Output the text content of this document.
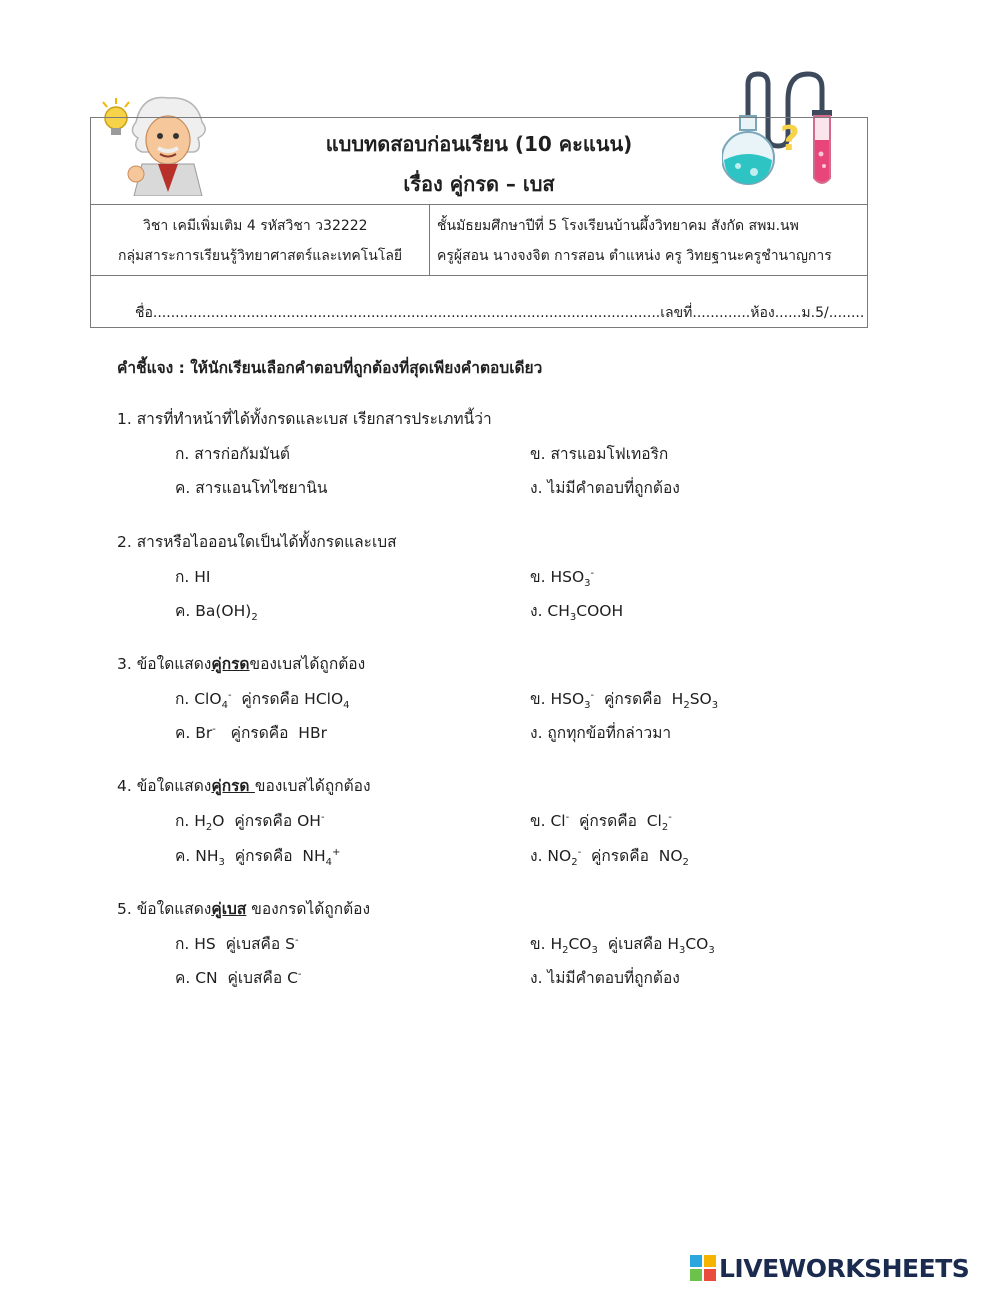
?
แบบทดสอบก่อนเรียน (10 คะแนน)
เรื่อง คู่กรด – เบส
วิชา เคมีเพิ่มเติม 4 รหัสวิชา ว32222
กลุ่มสาระการเรียนรู้วิทยาศาสตร์และเทคโนโลยี
ชั้นมัธยมศึกษาปีที่ 5 โรงเรียนบ้านผึ้งวิทยาคม สังกัด สพม.นพ
ครูผู้สอน นางจงจิต การสอน ตำแหน่ง ครู วิทยฐานะครูชำนาญการ
ชื่อ..................................................................................................................เลขที่.............ห้อง......ม.5/........
คำชี้แจง : ให้นักเรียนเลือกคำตอบที่ถูกต้องที่สุดเพียงคำตอบเดียว
1. สารที่ทำหน้าที่ได้ทั้งกรดและเบส เรียกสารประเภทนี้ว่า
ก. สารก่อกัมมันต์	ข. สารแอมโฟเทอริก
ค. สารแอนโทไซยานิน	ง. ไม่มีคำตอบที่ถูกต้อง
2. สารหรือไอออนใดเป็นได้ทั้งกรดและเบส
ก. HI	ข. $HSO_3^-$
ค. $Ba(OH)_2$	ง. $CH_3COOH$
3. ข้อใดแสดงคู่กรดของเบสได้ถูกต้อง
ก. ClO$_4$-  คู่กรดคือ HClO$_4$	ข. $HSO_3^-$  คู่กรดคือ  $H_2SO_3$
ค. Br-   คู่กรดคือ  HBr	ง. ถูกทุกข้อที่กล่าวมา
4. ข้อใดแสดงคู่กรด ของเบสได้ถูกต้อง
ก. $H_2O$  คู่กรดคือ OH-	ข. Cl-  คู่กรดคือ  $Cl_2^-$
ค. $NH_3$  คู่กรดคือ  $NH_4^+$	ง. $NO_2^-$  คู่กรดคือ  $NO_2$
5. ข้อใดแสดงคู่เบส ของกรดได้ถูกต้อง
ก. HS  คู่เบสคือ S-	ข. $H_2CO_3$  คู่เบสคือ $H_3CO_3$
ค. CN  คู่เบสคือ C-	ง. ไม่มีคำตอบที่ถูกต้อง
LIVEWORKSHEETS
